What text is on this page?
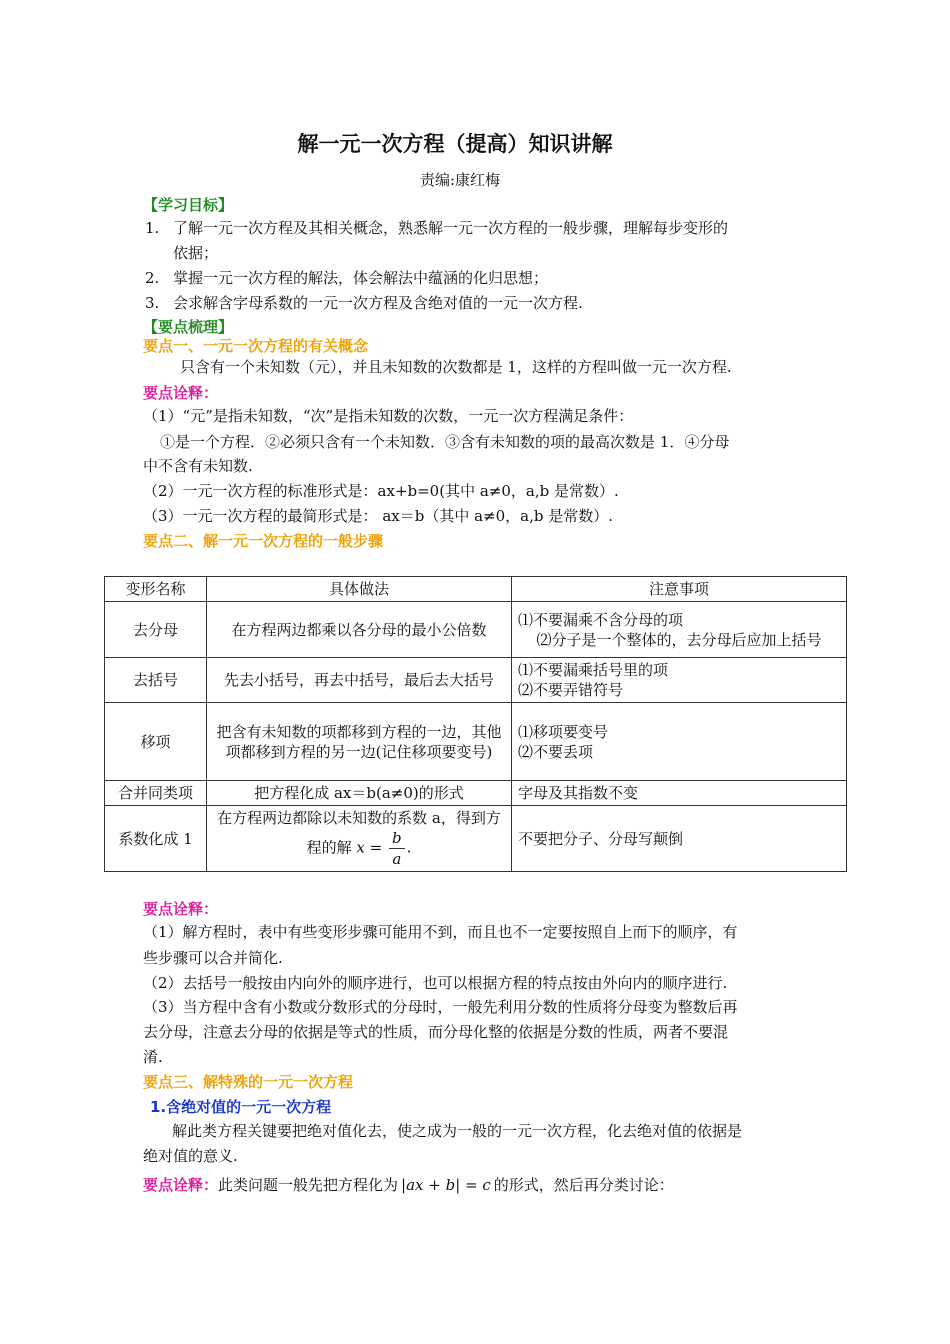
解一元一次方程（提高）知识讲解
责编:康红梅
【学习目标】
1. 了解一元一次方程及其相关概念，熟悉解一元一次方程的一般步骤，理解每步变形的
依据；
2. 掌握一元一次方程的解法，体会解法中蕴涵的化归思想；
3. 会求解含字母系数的一元一次方程及含绝对值的一元一次方程.
【要点梳理】
要点一、一元一次方程的有关概念
只含有一个未知数（元），并且未知数的次数都是 1，这样的方程叫做一元一次方程.
要点诠释：
（1）“元”是指未知数，“次”是指未知数的次数，一元一次方程满足条件：
①是一个方程．②必须只含有一个未知数．③含有未知数的项的最高次数是 1．④分母
中不含有未知数.
（2）一元一次方程的标准形式是：ax+b=0(其中 a≠0，a,b 是常数）.
（3）一元一次方程的最简形式是： ax＝b（其中 a≠0，a,b 是常数）.
要点二、解一元一次方程的一般步骤
变形名称	具体做法	注意事项
去分母	在方程两边都乘以各分母的最小公倍数	⑴不要漏乘不含分母的项
⑵分子是一个整体的，去分母后应加上括号

去括号	先去小括号，再去中括号，最后去大括号	⑴不要漏乘括号里的项
⑵不要弄错符号

移项	把含有未知数的项都移到方程的一边，其他项都移到方程的另一边(记住移项要变号)	⑴移项要变号
⑵不要丢项

合并同类项	把方程化成 ax＝b(a≠0)的形式	字母及其指数不变

系数化成 1	在方程两边都除以未知数的系数 a，得到方程的解 $x = \frac{b}{a}$ .	不要把分子、分母写颠倒
要点诠释：
（1）解方程时，表中有些变形步骤可能用不到，而且也不一定要按照自上而下的顺序，有
些步骤可以合并简化.
（2）去括号一般按由内向外的顺序进行，也可以根据方程的特点按由外向内的顺序进行.
（3）当方程中含有小数或分数形式的分母时，一般先利用分数的性质将分母变为整数后再
去分母，注意去分母的依据是等式的性质，而分母化整的依据是分数的性质，两者不要混
淆.
要点三、解特殊的一元一次方程
1.含绝对值的一元一次方程
解此类方程关键要把绝对值化去，使之成为一般的一元一次方程，化去绝对值的依据是
绝对值的意义.
要点诠释：此类问题一般先把方程化为 |ax + b| = c 的形式，然后再分类讨论：
